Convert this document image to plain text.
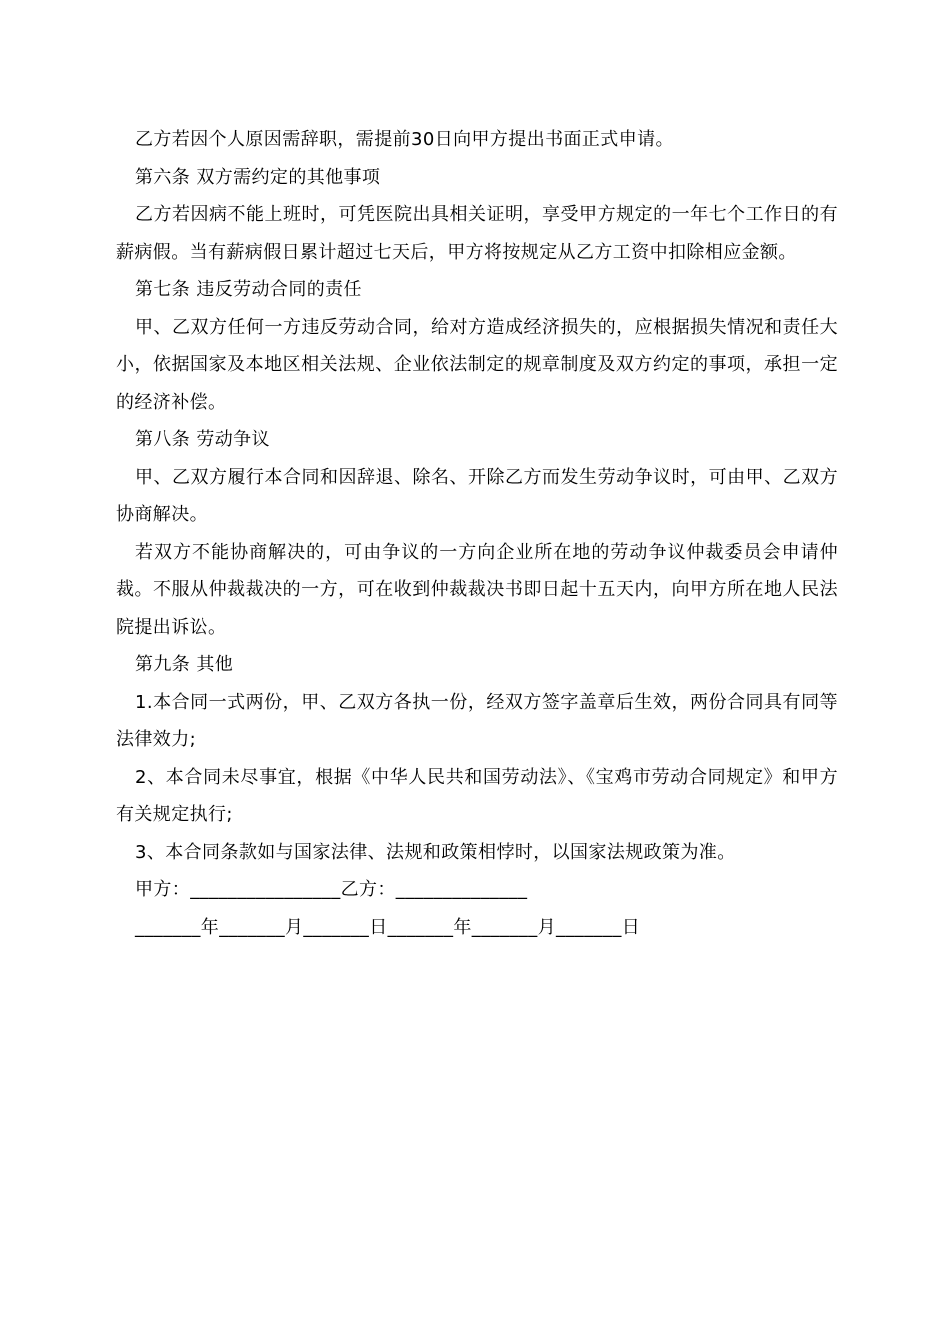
乙方若因个人原因需辞职，需提前30日向甲方提出书面正式申请。

第六条 双方需约定的其他事项

乙方若因病不能上班时，可凭医院出具相关证明，享受甲方规定的一年七个工作日的有薪病假。当有薪病假日累计超过七天后，甲方将按规定从乙方工资中扣除相应金额。

第七条 违反劳动合同的责任

甲、乙双方任何一方违反劳动合同，给对方造成经济损失的，应根据损失情况和责任大小，依据国家及本地区相关法规、企业依法制定的规章制度及双方约定的事项，承担一定的经济补偿。

第八条 劳动争议

甲、乙双方履行本合同和因辞退、除名、开除乙方而发生劳动争议时，可由甲、乙双方协商解决。

若双方不能协商解决的，可由争议的一方向企业所在地的劳动争议仲裁委员会申请仲裁。不服从仲裁裁决的一方，可在收到仲裁裁决书即日起十五天内，向甲方所在地人民法院提出诉讼。

第九条 其他

1.本合同一式两份，甲、乙双方各执一份，经双方签字盖章后生效，两份合同具有同等法律效力;

2、本合同未尽事宜，根据《中华人民共和国劳动法》、《宝鸡市劳动合同规定》和甲方有关规定执行;

3、本合同条款如与国家法律、法规和政策相悖时，以国家法规政策为准。

甲方：________________乙方：______________

_______年_______月_______日_______年_______月_______日
